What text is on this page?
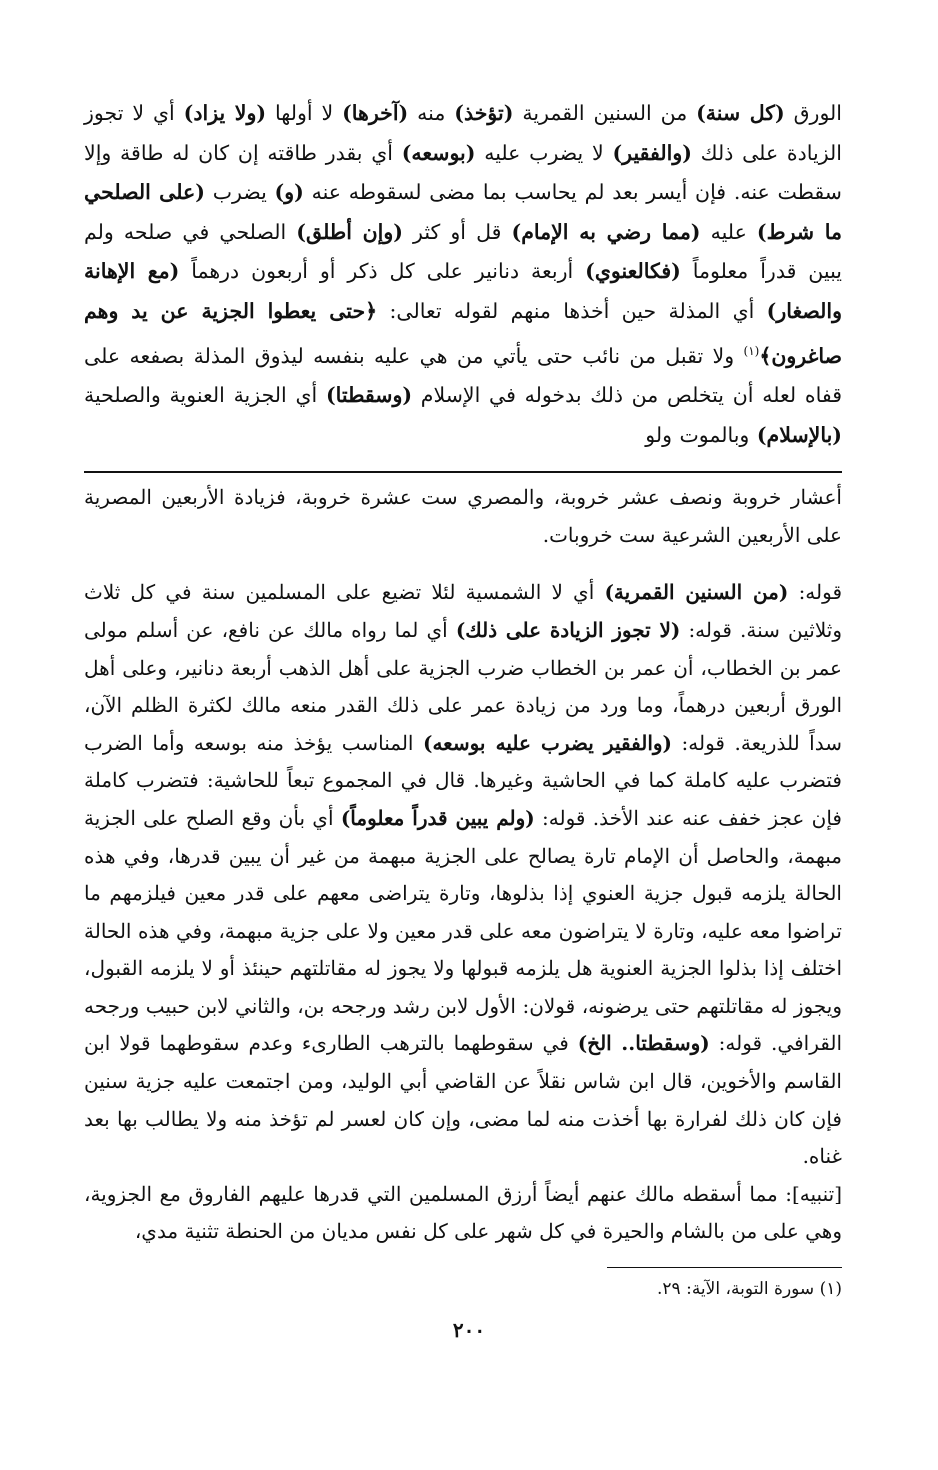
الورق (كل سنة) من السنين القمرية (تؤخذ) منه (آخرها) لا أولها (ولا يزاد) أي لا تجوز الزيادة على ذلك (والفقير) لا يضرب عليه (بوسعه) أي بقدر طاقته إن كان له طاقة وإلا سقطت عنه. فإن أيسر بعد لم يحاسب بما مضى لسقوطه عنه (و) يضرب (على الصلحي ما شرط) عليه (مما رضي به الإمام) قل أو كثر (وإن أطلق) الصلحي في صلحه ولم يبين قدراً معلوماً (فكالعنوي) أربعة دنانير على كل ذكر أو أربعون درهماً (مع الإهانة والصغار) أي المذلة حين أخذها منهم لقوله تعالى: ﴿حتى يعطوا الجزية عن يد وهم صاغرون﴾$^{(١)}$ ولا تقبل من نائب حتى يأتي من هي عليه بنفسه ليذوق المذلة بصفعه على قفاه لعله أن يتخلص من ذلك بدخوله في الإسلام (وسقطتا) أي الجزية العنوية والصلحية (بالإسلام) وبالموت ولو

أعشار خروبة ونصف عشر خروبة، والمصري ست عشرة خروبة، فزيادة الأربعين المصرية على الأربعين الشرعية ست خروبات.

قوله: (من السنين القمرية) أي لا الشمسية لئلا تضيع على المسلمين سنة في كل ثلاث وثلاثين سنة. قوله: (لا تجوز الزيادة على ذلك) أي لما رواه مالك عن نافع، عن أسلم مولى عمر بن الخطاب، أن عمر بن الخطاب ضرب الجزية على أهل الذهب أربعة دنانير، وعلى أهل الورق أربعين درهماً، وما ورد من زيادة عمر على ذلك القدر منعه مالك لكثرة الظلم الآن، سداً للذريعة. قوله: (والفقير يضرب عليه بوسعه) المناسب يؤخذ منه بوسعه وأما الضرب فتضرب عليه كاملة كما في الحاشية وغيرها. قال في المجموع تبعاً للحاشية: فتضرب كاملة فإن عجز خفف عنه عند الأخذ. قوله: (ولم يبين قدراً معلوماً) أي بأن وقع الصلح على الجزية مبهمة، والحاصل أن الإمام تارة يصالح على الجزية مبهمة من غير أن يبين قدرها، وفي هذه الحالة يلزمه قبول جزية العنوي إذا بذلوها، وتارة يتراضى معهم على قدر معين فيلزمهم ما تراضوا معه عليه، وتارة لا يتراضون معه على قدر معين ولا على جزية مبهمة، وفي هذه الحالة اختلف إذا بذلوا الجزية العنوية هل يلزمه قبولها ولا يجوز له مقاتلتهم حينئذ أو لا يلزمه القبول، ويجوز له مقاتلتهم حتى يرضونه، قولان: الأول لابن رشد ورجحه بن، والثاني لابن حبيب ورجحه القرافي. قوله: (وسقطتا.. الخ) في سقوطهما بالترهب الطارىء وعدم سقوطهما قولا ابن القاسم والأخوين، قال ابن شاس نقلاً عن القاضي أبي الوليد، ومن اجتمعت عليه جزية سنين فإن كان ذلك لفرارة بها أخذت منه لما مضى، وإن كان لعسر لم تؤخذ منه ولا يطالب بها بعد غناه.

[تنبيه]: مما أسقطه مالك عنهم أيضاً أرزق المسلمين التي قدرها عليهم الفاروق مع الجزوية، وهي على من بالشام والحيرة في كل شهر على كل نفس مديان من الحنطة تثنية مدي،

(١) سورة التوبة، الآية: ٢٩.
٢٠٠
